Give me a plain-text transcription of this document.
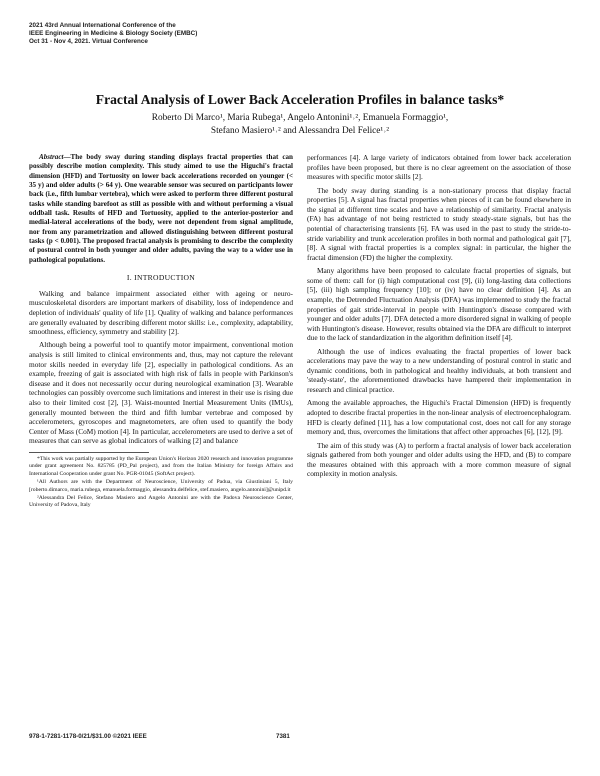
2021 43rd Annual International Conference of the
IEEE Engineering in Medicine & Biology Society (EMBC)
Oct 31 - Nov 4, 2021. Virtual Conference
Fractal Analysis of Lower Back Acceleration Profiles in balance tasks*
Roberto Di Marco¹, Maria Rubega¹, Angelo Antonini¹˒², Emanuela Formaggio¹,
Stefano Masiero¹˒² and Alessandra Del Felice¹˒²

Abstract—The body sway during standing displays fractal properties that can possibly describe motion complexity. This study aimed to use the Higuchi's fractal dimension (HFD) and Tortuosity on lower back accelerations recorded on younger (< 35 y) and older adults (> 64 y). One wearable sensor was secured on participants lower back (i.e., fifth lumbar vertebra), which were asked to perform three different postural tasks while standing barefoot as still as possible with and without performing a visual oddball task. Results of HFD and Tortuosity, applied to the anterior-posterior and medial-lateral accelerations of the body, were not dependent from signal amplitude, nor from any parametrization and allowed distinguishing between different postural tasks (p < 0.001). The proposed fractal analysis is promising to describe the complexity of postural control in both younger and older adults, paving the way to a wider use in pathological populations.

I. INTRODUCTION

Walking and balance impairment associated either with ageing or neuro-musculoskeletal disorders are important markers of disability, loss of independence and depletion of individuals' quality of life [1]. Quality of walking and balance performances are generally evaluated by describing different motor skills: i.e., complexity, adaptability, smoothness, efficiency, symmetry and stability [2].

Although being a powerful tool to quantify motor impairment, conventional motion analysis is still limited to clinical environments and, thus, may not capture the relevant motor skills needed in everyday life [2], especially in pathological conditions. As an example, freezing of gait is associated with high risk of falls in people with Parkinson's disease and it does not necessarily occur during neurological examination [3]. Wearable technologies can possibly overcome such limitations and interest in their use is rising due also to their limited cost [2], [3]. Waist-mounted Inertial Measurement Units (IMUs), generally mounted between the third and fifth lumbar vertebrae and composed by accelerometers, gyroscopes and magnetometers, are often used to quantify the body Center of Mass (CoM) motion [4]. In particular, accelerometers are used to derive a set of measures that can serve as global indicators of walking [2] and balance

*This work was partially supported by the European Union's Horizon 2020 research and innovation programme under grant agreement No. 825785 (PD_Pal project), and from the Italian Ministry for foreign Affairs and International Cooperation under grant No. PGR-01045 (SoftAct project).

¹All Authors are with the Department of Neuroscience, University of Padua, via Giustiniani 5, Italy [roberto.dimarco, maria.rubega, emanuela.formaggio, alessandra.delfelice, stef.masiero, angelo.antonini]@unipd.it

²Alessandra Del Felice, Stefano Masiero and Angelo Antonini are with the Padova Neuroscience Center, University of Padova, Italy

performances [4]. A large variety of indicators obtained from lower back acceleration profiles have been proposed, but there is no clear agreement on the association of those measures with specific motor skills [2].

The body sway during standing is a non-stationary process that display fractal properties [5]. A signal has fractal properties when pieces of it can be found elsewhere in the signal at different time scales and have a relationship of similarity. Fractal analysis (FA) has advantage of not being restricted to study steady-state signals, but has the potential of characterising transients [6]. FA was used in the past to study the stride-to-stride variability and trunk acceleration profiles in both normal and pathological gait [7], [8]. A signal with fractal properties is a complex signal: in particular, the higher the fractal dimension (FD) the higher the complexity.

Many algorithms have been proposed to calculate fractal properties of signals, but some of them: call for (i) high computational cost [9], (ii) long-lasting data collections [5], (iii) high sampling frequency [10]; or (iv) have no clear definition [4]. As an example, the Detrended Fluctuation Analysis (DFA) was implemented to study the fractal properties of gait stride-interval in people with Huntington's disease compared with younger and older adults [7]. DFA detected a more disordered signal in walking of people with Huntington's disease. However, results obtained via the DFA are difficult to interpret due to the lack of standardization in the algorithm definition itself [4].

Although the use of indices evaluating the fractal properties of lower back accelerations may pave the way to a new understanding of postural control in static and dynamic conditions, both in pathological and healthy individuals, at both transient and 'steady-state', the aforementioned drawbacks have hampered their implementation in research and clinical practice.

Among the available approaches, the Higuchi's Fractal Dimension (HFD) is frequently adopted to describe fractal properties in the non-linear analysis of electroencephalogram. HFD is clearly defined [11], has a low computational cost, does not call for any storage memory and, thus, overcomes the limitations that affect other approaches [6], [12], [9].

The aim of this study was (A) to perform a fractal analysis of lower back acceleration signals gathered from both younger and older adults using the HFD, and (B) to compare the measures obtained with this approach with a more common measure of signal complexity in motion analysis.

978-1-7281-1178-0/21/$31.00 ©2021 IEEE	7381
